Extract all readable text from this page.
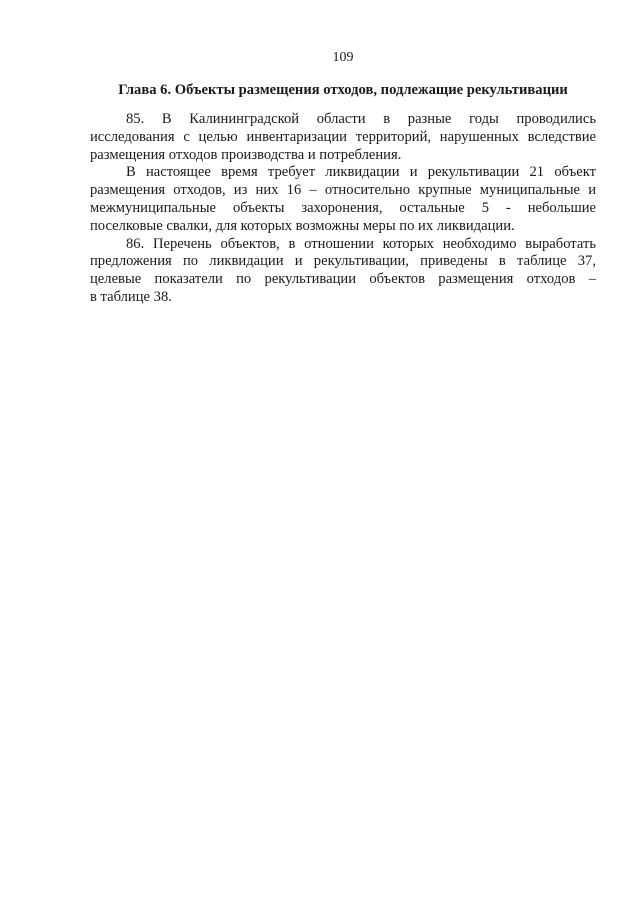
109
Глава 6. Объекты размещения отходов, подлежащие рекультивации

85. В Калининградской области в разные годы проводились
исследования с целью инвентаризации территорий, нарушенных вследствие
размещения отходов производства и потребления.

В настоящее время требует ликвидации и рекультивации 21 объект
размещения отходов, из них 16 – относительно крупные муниципальные и
межмуниципальные объекты захоронения, остальные 5 - небольшие
поселковые свалки, для которых возможны меры по их ликвидации.

86. Перечень объектов, в отношении которых необходимо выработать
предложения по ликвидации и рекультивации, приведены в таблице 37,
целевые показатели по рекультивации объектов размещения отходов –
в таблице 38.
